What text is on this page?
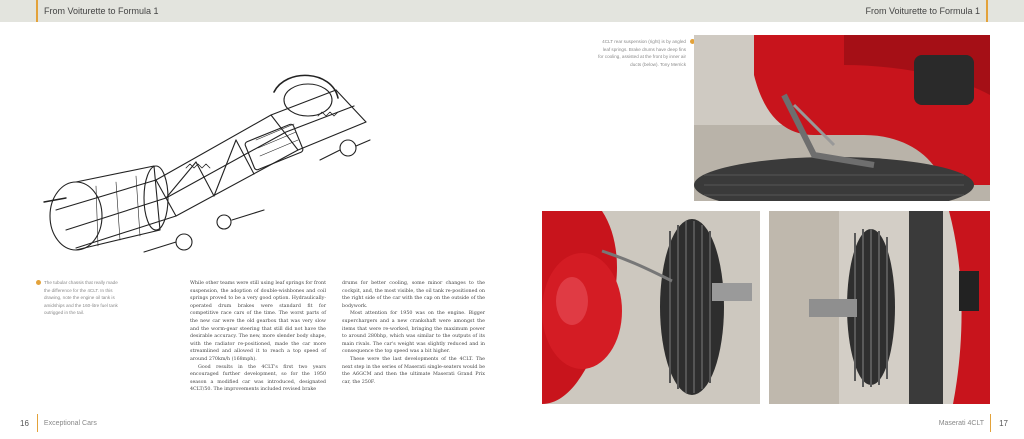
From Voiturette to Formula 1	From Voiturette to Formula 1

The tubular chassis that really made the difference for the 4CLT. In this drawing, note the engine oil tank is amidships and the 160-litre fuel tank outrigged in the tail.

While other teams were still using leaf springs for front suspension, the adoption of double-wishbones and coil springs proved to be a very good option. Hydraulically-operated drum brakes were standard fit for competitive race cars of the time. The worst parts of the new car were the old gearbox that was very slow and the worm-gear steering that still did not have the desirable accuracy. The new, more slender body shape, with the radiator re-positioned, made the car more streamlined and allowed it to reach a top speed of around 270km/h (168mph).

Good results in the 4CLT's first two years encouraged further development, so for the 1950 season a modified car was introduced, designated 4CLT/50. The improvements included revised brake

drums for better cooling, some minor changes to the cockpit, and, the most visible, the oil tank re-positioned on the right side of the car with the cap on the outside of the bodywork.

Most attention for 1950 was on the engine. Bigger superchargers and a new crankshaft were amongst the items that were re-worked, bringing the maximum power to around 280bhp, which was similar to the outputs of its main rivals. The car's weight was slightly reduced and in consequence the top speed was a bit higher.

These were the last developments of the 4CLT. The next step in the series of Maserati single-seaters would be the A6GCM and then the ultimate Maserati Grand Prix car, the 250F.

4CLT rear suspension (right) is by angled leaf springs. Brake drums have deep fins for cooling, assisted at the front by inner air ducts (below). Tony Merrick

16	Exceptional Cars	Maserati 4CLT	17
